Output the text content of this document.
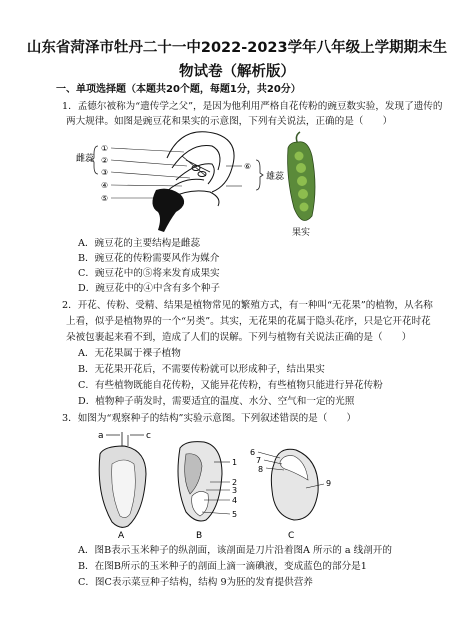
山东省菏泽市牡丹二十一中2022-2023学年八年级上学期期末生
物试卷（解析版）
一、单项选择题（本题共20个题，每题1分，共20分）
1．孟德尔被称为“遗传学之父”，是因为他利用严格自花传粉的豌豆数实验，发现了遗传的
两大规律。如图是豌豆花和果实的示意图，下列有关说法，正确的是（　　）
雌蕊
①
②
③
④
⑤
⑥
雄蕊
果实
A．豌豆花的主要结构是雌蕊
B．豌豆花的传粉需要风作为媒介
C．豌豆花中的⑤将来发育成果实
D．豌豆花中的④中含有多个种子
2．开花、传粉、受精、结果是植物常见的繁殖方式，有一种叫“无花果”的植物，从名称
上看，似乎是植物界的一个“另类”。其实，无花果的花属于隐头花序，只是它开花时花
朵被包裹起来看不到，造成了人们的误解。下列与植物有关说法正确的是（　　）
A．无花果属于裸子植物
B．无花果开花后，不需要传粉就可以形成种子，结出果实
C．有些植物既能自花传粉，又能异花传粉，有些植物只能进行异花传粉
D．植物种子萌发时，需要适宜的温度、水分、空气和一定的光照
3．如图为“观察种子的结构”实验示意图。下列叙述错误的是（　　）
a	c
A
1
2
3
4
5
B
6
7
8
9
C
A．图B表示玉米种子的纵剖面，该剖面是刀片沿着图A 所示的 a 线剖开的
B．在图B所示的玉米种子的剖面上滴一滴碘液，变成蓝色的部分是1
C．图C表示菜豆种子结构，结构 9为胚的发育提供营养
